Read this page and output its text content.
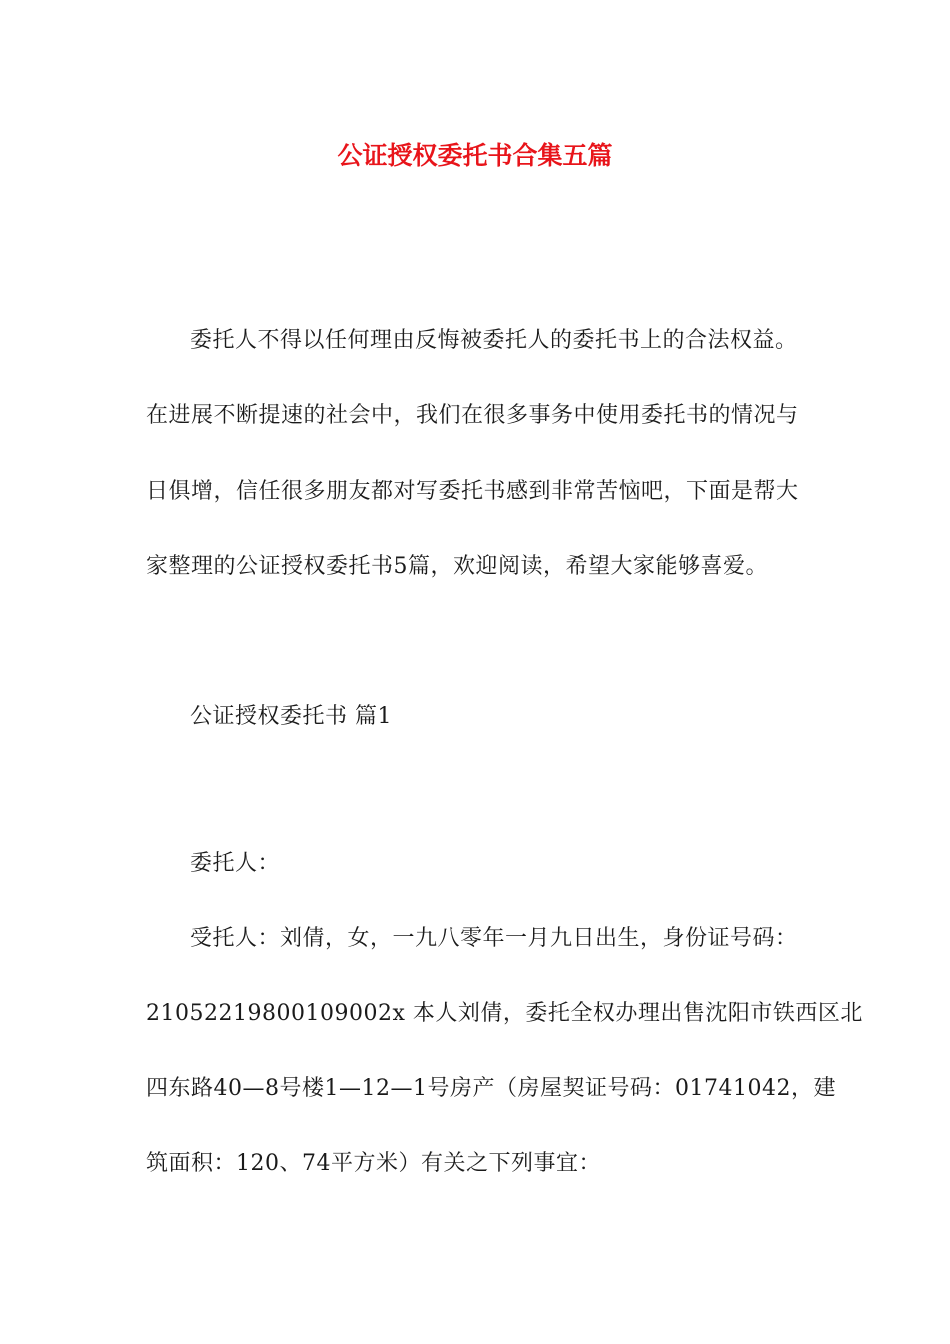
公证授权委托书合集五篇
委托人不得以任何理由反悔被委托人的委托书上的合法权益。
在进展不断提速的社会中，我们在很多事务中使用委托书的情况与
日俱增，信任很多朋友都对写委托书感到非常苦恼吧，下面是帮大
家整理的公证授权委托书5篇，欢迎阅读，希望大家能够喜爱。
公证授权委托书 篇1
委托人：
受托人：刘倩，女，一九八零年一月九日出生，身份证号码：
21052219800109002x 本人刘倩，委托全权办理出售沈阳市铁西区北
四东路40—8号楼1—12—1号房产（房屋契证号码：01741042，建
筑面积：120、74平方米）有关之下列事宜：
